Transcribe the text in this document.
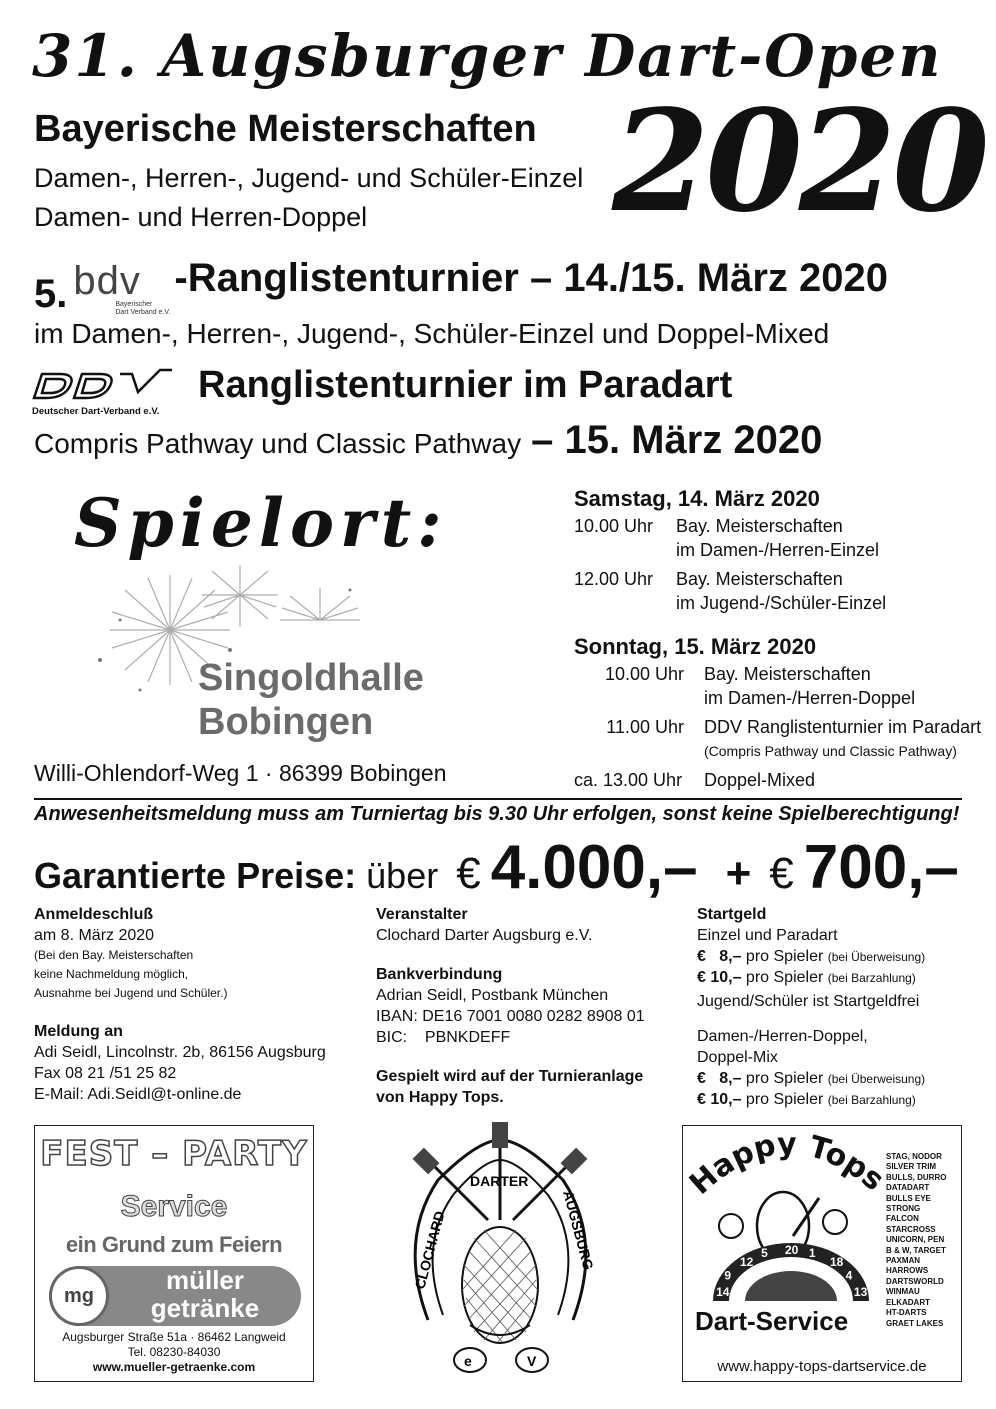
31. Augsburger Dart-Open
2020
Bayerische Meisterschaften
Damen-, Herren-, Jugend- und Schüler-Einzel
Damen- und Herren-Doppel
5. bdv
Bayerischer
Dart Verband e.V.
-Ranglistenturnier – 14./15. März 2020
im Damen-, Herren-, Jugend-, Schüler-Einzel und Doppel-Mixed
Deutscher Dart-Verband e.V.
Ranglistenturnier im Paradart
Compris Pathway und Classic Pathway – 15. März 2020
Spielort:
Singoldhalle
Bobingen
Willi-Ohlendorf-Weg 1 · 86399 Bobingen
Samstag, 14. März 2020
10.00 Uhr	Bay. Meisterschaften
im Damen-/Herren-Einzel
12.00 Uhr	Bay. Meisterschaften
im Jugend-/Schüler-Einzel
Sonntag, 15. März 2020
10.00 Uhr	Bay. Meisterschaften
im Damen-/Herren-Doppel
11.00 Uhr	DDV Ranglistenturnier im Paradart
(Compris Pathway und Classic Pathway)
ca. 13.00 Uhr	Doppel-Mixed
Anwesenheitsmeldung muss am Turniertag bis 9.30 Uhr erfolgen, sonst keine Spielberechtigung!
Garantierte Preise: über € 4.000,– + € 700,–
Anmeldeschluß
am 8. März 2020
(Bei den Bay. Meisterschaften
keine Nachmeldung möglich,
Ausnahme bei Jugend und Schüler.)
Meldung an
Adi Seidl, Lincolnstr. 2b, 86156 Augsburg
Fax 08 21 /51 25 82
E-Mail: Adi.Seidl@t-online.de
Veranstalter
Clochard Darter Augsburg e.V.
Bankverbindung
Adrian Seidl, Postbank München
IBAN: DE16 7001 0080 0282 8908 01
BIC:    PBNKDEFF
Gespielt wird auf der Turnieranlage
von Happy Tops.
Startgeld
Einzel und Paradart
€   8,– pro Spieler (bei Überweisung)
€ 10,– pro Spieler (bei Barzahlung)
Jugend/Schüler ist Startgeldfrei
Damen-/Herren-Doppel,
Doppel-Mix
€   8,– pro Spieler (bei Überweisung)
€ 10,– pro Spieler (bei Barzahlung)
FEST – PARTY
Service
ein Grund zum Feiern
mg
müller
getränke
Augsburger Straße 51a · 86462 Langweid
Tel. 08230-84030
www.mueller-getraenke.com
CLOCHARD
DARTER
AUGSBURG
e	V
Happy Tops
14
9
12
5 20 1
18
4
13
Dart-Service
STAG, NODOR
SILVER TRIM
BULLS, DURRO
DATADART
BULLS EYE
STRONG
FALCON
STARCROSS
UNICORN, PEN
B & W, TARGET
PAXMAN
HARROWS
DARTSWORLD
WINMAU
ELKADART
HT-DARTS
GRAET LAKES
www.happy-tops-dartservice.de
